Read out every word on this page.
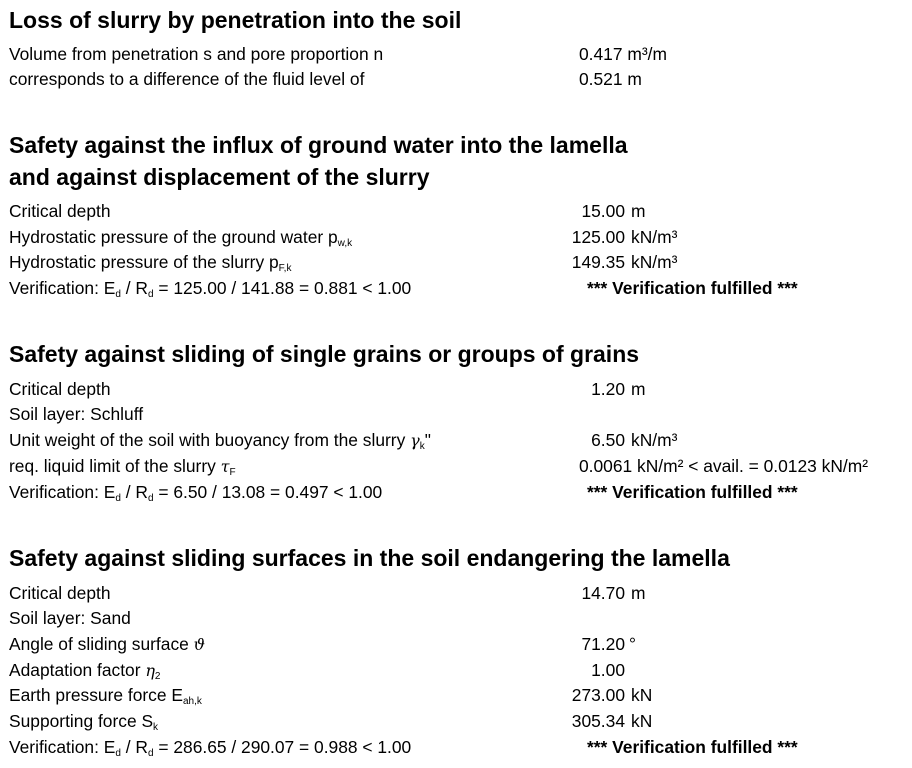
Loss of slurry by penetration into the soil
Volume from penetration s and pore proportion n	0.417 m³/m
corresponds to a difference of the fluid level of	0.521 m
Safety against the influx of ground water into the lamella
and against displacement of the slurry
Critical depth	15.00 m
Hydrostatic pressure of the ground water $p_{w,k}$	125.00 kN/m³
Hydrostatic pressure of the slurry $p_{F,k}$	149.35 kN/m³
Verification: $E_d / R_d = 125.00 / 141.88 = 0.881 < 1.00$	*** Verification fulfilled ***
Safety against sliding of single grains or groups of grains
Critical depth	1.20 m
Soil layer: Schluff
Unit weight of the soil with buoyancy from the slurry $\gamma_k$"	6.50 kN/m³
req. liquid limit of the slurry $\tau_F$	0.0061 kN/m² < avail. = 0.0123 kN/m²
Verification: $E_d / R_d = 6.50 / 13.08 = 0.497 < 1.00$	*** Verification fulfilled ***
Safety against sliding surfaces in the soil endangering the lamella
Critical depth	14.70 m
Soil layer: Sand
Angle of sliding surface ϑ	71.20 °
Adaptation factor $\eta_2$	1.00
Earth pressure force $E_{ah,k}$	273.00 kN
Supporting force $S_k$	305.34 kN
Verification: $E_d / R_d = 286.65 / 290.07 = 0.988 < 1.00$	*** Verification fulfilled ***
